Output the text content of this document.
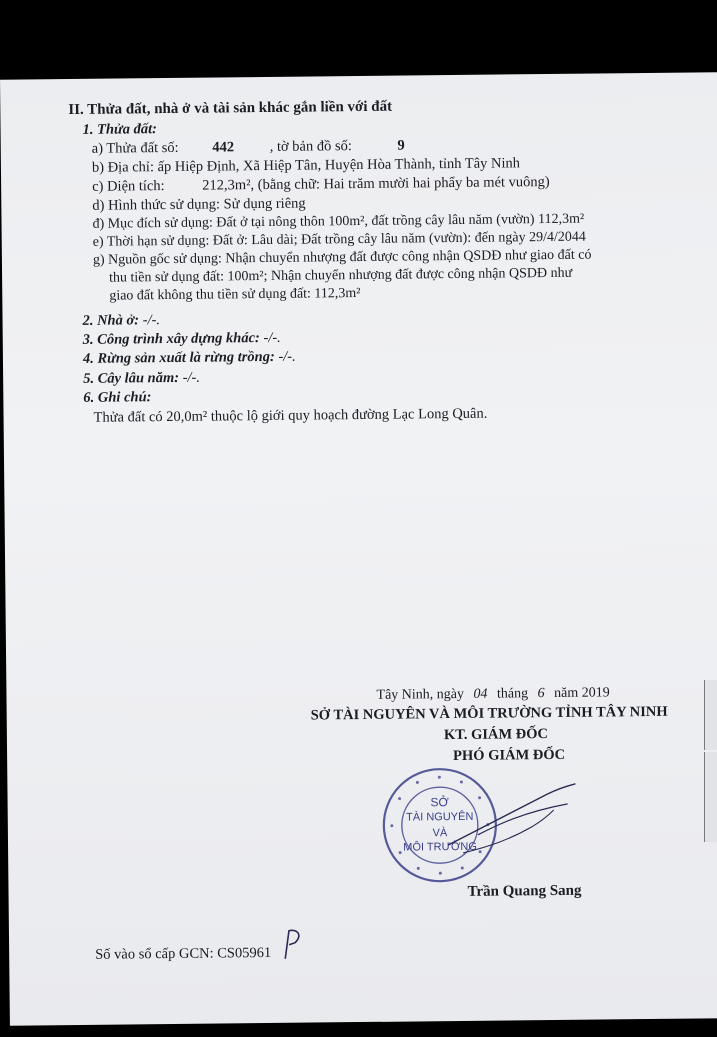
II. Thửa đất, nhà ở và tài sản khác gắn liền với đất
1. Thửa đất:
a) Thửa đất số: 442 , tờ bản đồ số:	9
b) Địa chỉ: ấp Hiệp Định, Xã Hiệp Tân, Huyện Hòa Thành, tỉnh Tây Ninh
c) Diện tích:	212,3m², (bằng chữ: Hai trăm mười hai phẩy ba mét vuông)
d) Hình thức sử dụng: Sử dụng riêng
đ) Mục đích sử dụng: Đất ở tại nông thôn 100m², đất trồng cây lâu năm (vườn) 112,3m²
e) Thời hạn sử dụng: Đất ở: Lâu dài; Đất trồng cây lâu năm (vườn): đến ngày 29/4/2044
g) Nguồn gốc sử dụng: Nhận chuyển nhượng đất được công nhận QSDĐ như giao đất có
thu tiền sử dụng đất: 100m²; Nhận chuyển nhượng đất được công nhận QSDĐ như
giao đất không thu tiền sử dụng đất: 112,3m²
2. Nhà ở: -/-.
3. Công trình xây dựng khác: -/-.
4. Rừng sản xuất là rừng trồng: -/-.
5. Cây lâu năm: -/-.
6. Ghi chú:
Thửa đất có 20,0m² thuộc lộ giới quy hoạch đường Lạc Long Quân.
Tây Ninh, ngày 04 tháng 6 năm 2019
SỞ TÀI NGUYÊN VÀ MÔI TRƯỜNG TỈNH TÂY NINH
KT. GIÁM ĐỐC
PHÓ GIÁM ĐỐC
SỞ
TÀI NGUYÊN
VÀ
MÔI TRƯỜNG
Trần Quang Sang
Số vào sổ cấp GCN: CS05961
